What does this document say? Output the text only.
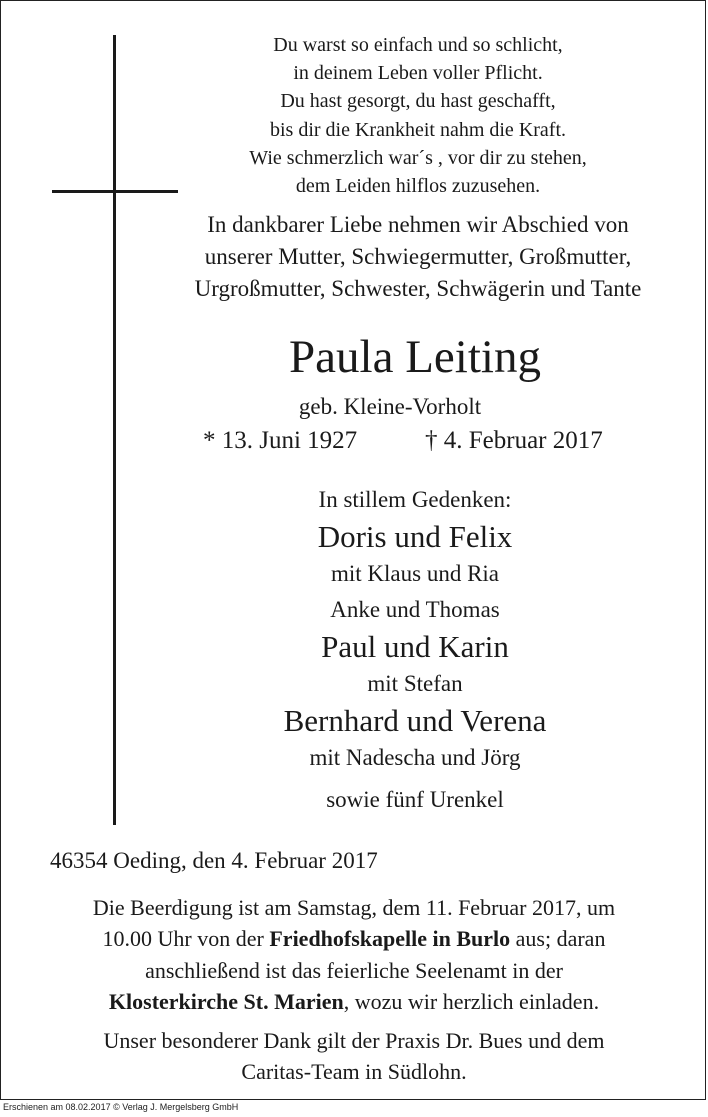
Du warst so einfach und so schlicht,
in deinem Leben voller Pflicht.
Du hast gesorgt, du hast geschafft,
bis dir die Krankheit nahm die Kraft.
Wie schmerzlich war´s , vor dir zu stehen,
dem Leiden hilflos zuzusehen.
In dankbarer Liebe nehmen wir Abschied von
unserer Mutter, Schwiegermutter, Großmutter,
Urgroßmutter, Schwester, Schwägerin und Tante
Paula Leiting
geb. Kleine-Vorholt
* 13. Juni 1927	† 4. Februar 2017
In stillem Gedenken:
Doris und Felix
mit Klaus und Ria
Anke und Thomas
Paul und Karin
mit Stefan
Bernhard und Verena
mit Nadescha und Jörg
sowie fünf Urenkel
46354 Oeding, den 4. Februar 2017
Die Beerdigung ist am Samstag, dem 11. Februar 2017, um
10.00 Uhr von der Friedhofskapelle in Burlo aus; daran
anschließend ist das feierliche Seelenamt in der
Klosterkirche St. Marien, wozu wir herzlich einladen.
Unser besonderer Dank gilt der Praxis Dr. Bues und dem
Caritas-Team in Südlohn.
Erschienen am 08.02.2017 © Verlag J. Mergelsberg GmbH
